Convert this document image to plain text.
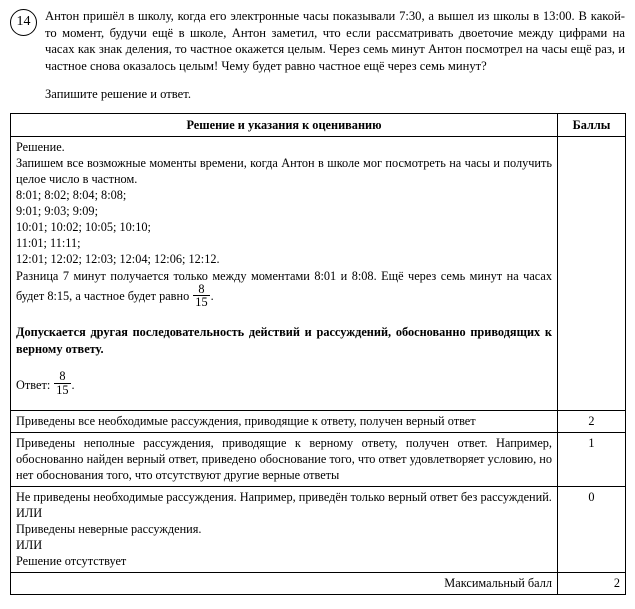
14	Антон пришёл в школу, когда его электронные часы показывали 7:30, а вышел из школы в 13:00. В какой-то момент, будучи ещё в школе, Антон заметил, что если рассматривать двоеточие между цифрами на часах как знак деления, то частное окажется целым. Через семь минут Антон посмотрел на часы ещё раз, и частное снова оказалось целым! Чему будет равно частное ещё через семь минут?

Запишите решение и ответ.

Решение и указания к оцениванию	Баллы

Решение.

Запишем все возможные моменты времени, когда Антон в школе мог посмотреть на часы и получить целое число в частном.

8:01; 8:02; 8:04; 8:08;

9:01; 9:03; 9:09;

10:01; 10:02; 10:05; 10:10;

11:01; 11:11;

12:01; 12:02; 12:03; 12:04; 12:06; 12:12.

Разница 7 минут получается только между моментами 8:01 и 8:08. Ещё через семь минут на часах будет 8:15, а частное будет равно $\frac{8}{15}$ .

Допускается другая последовательность действий и рассуждений, обоснованно приводящих к верному ответу.

Ответ: $\frac{8}{15}$ .

Приведены все необходимые рассуждения, приводящие к ответу, получен верный ответ	2
Приведены неполные рассуждения, приводящие к верному ответу, получен ответ. Например, обоснованно найден верный ответ, приведено обоснование того, что ответ удовлетворяет условию, но нет обоснования того, что отсутствуют другие верные ответы	1

Не приведены необходимые рассуждения. Например, приведён только верный ответ без рассуждений.

ИЛИ

Приведены неверные рассуждения.

ИЛИ

Решение отсутствует	0
Максимальный балл	2
